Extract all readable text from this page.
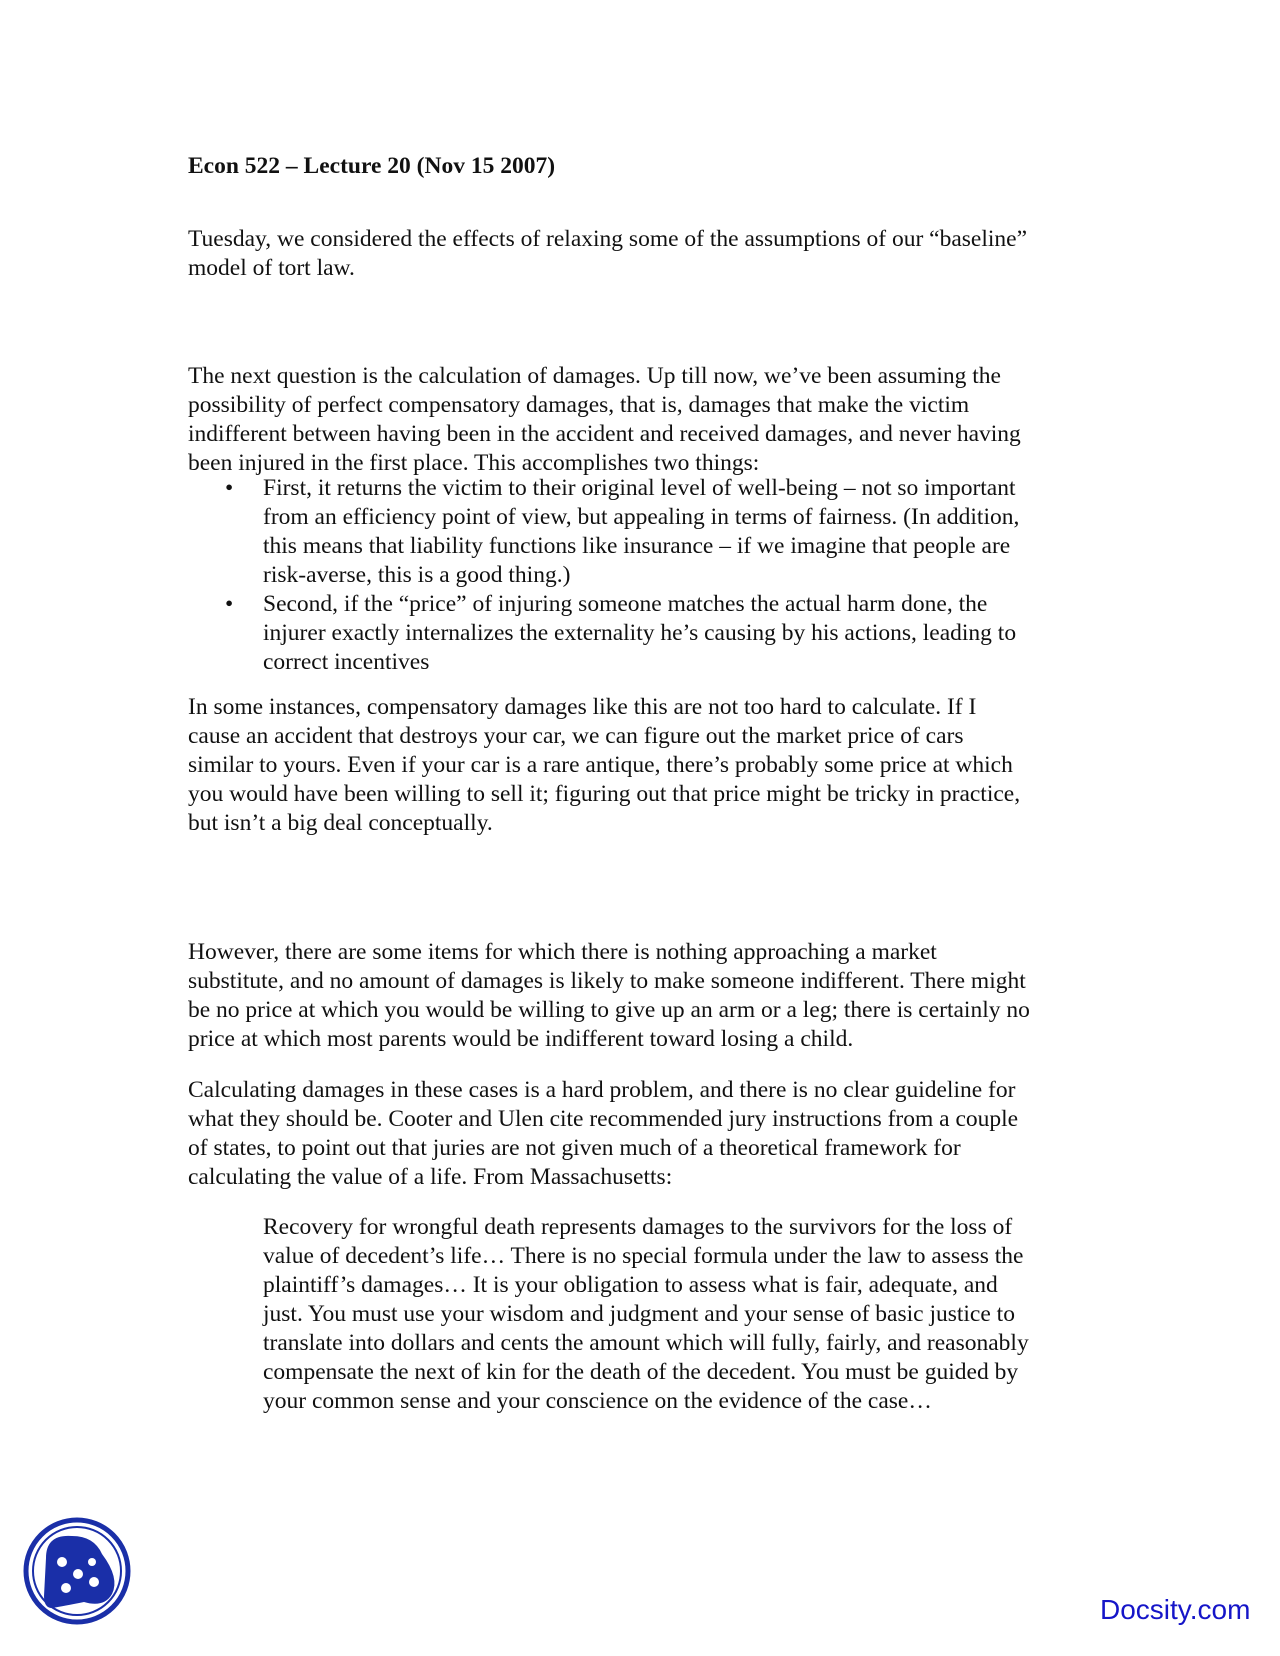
Econ 522 – Lecture 20 (Nov 15 2007)
Tuesday, we considered the effects of relaxing some of the assumptions of our “baseline”
model of tort law.
The next question is the calculation of damages. Up till now, we’ve been assuming the
possibility of perfect compensatory damages, that is, damages that make the victim
indifferent between having been in the accident and received damages, and never having
been injured in the first place. This accomplishes two things:
• First, it returns the victim to their original level of well-being – not so important
from an efficiency point of view, but appealing in terms of fairness. (In addition,
this means that liability functions like insurance – if we imagine that people are
risk-averse, this is a good thing.)
• Second, if the “price” of injuring someone matches the actual harm done, the
injurer exactly internalizes the externality he’s causing by his actions, leading to
correct incentives
In some instances, compensatory damages like this are not too hard to calculate. If I
cause an accident that destroys your car, we can figure out the market price of cars
similar to yours. Even if your car is a rare antique, there’s probably some price at which
you would have been willing to sell it; figuring out that price might be tricky in practice,
but isn’t a big deal conceptually.
However, there are some items for which there is nothing approaching a market
substitute, and no amount of damages is likely to make someone indifferent. There might
be no price at which you would be willing to give up an arm or a leg; there is certainly no
price at which most parents would be indifferent toward losing a child.
Calculating damages in these cases is a hard problem, and there is no clear guideline for
what they should be. Cooter and Ulen cite recommended jury instructions from a couple
of states, to point out that juries are not given much of a theoretical framework for
calculating the value of a life. From Massachusetts:
Recovery for wrongful death represents damages to the survivors for the loss of
value of decedent’s life… There is no special formula under the law to assess the
plaintiff’s damages… It is your obligation to assess what is fair, adequate, and
just. You must use your wisdom and judgment and your sense of basic justice to
translate into dollars and cents the amount which will fully, fairly, and reasonably
compensate the next of kin for the death of the decedent. You must be guided by
your common sense and your conscience on the evidence of the case…
Docsity.com
